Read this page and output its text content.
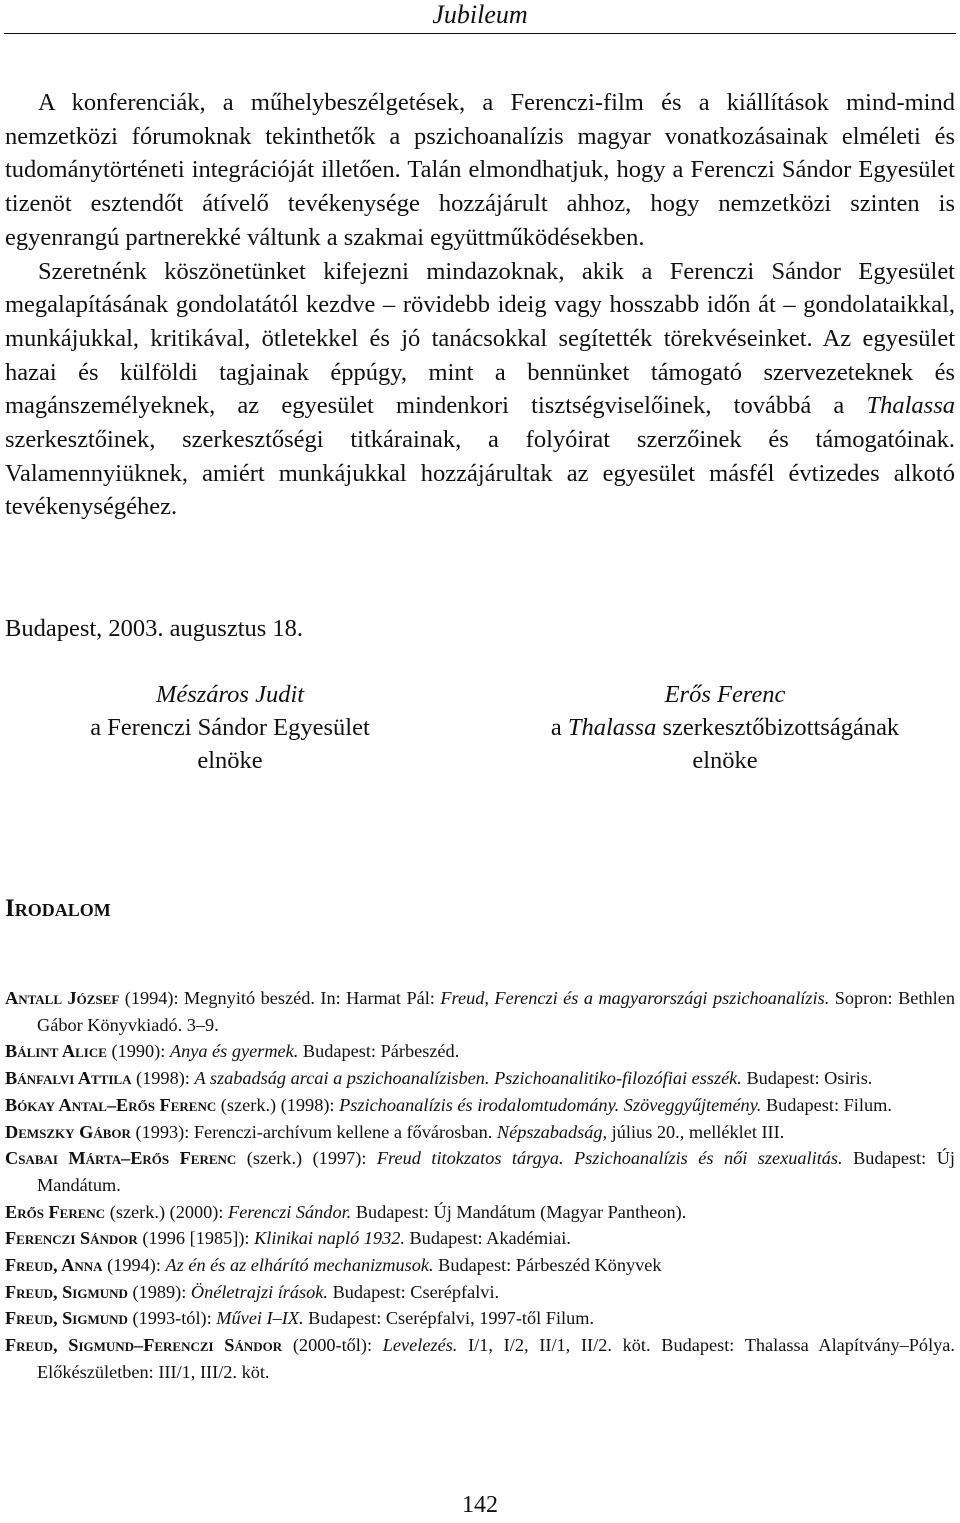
Jubileum

A konferenciák, a műhelybeszélgetések, a Ferenczi-film és a kiállítások mind-mind nemzetközi fórumoknak tekinthetők a pszichoanalízis magyar vonatkozásainak elméleti és tudománytörténeti integrációját illetően. Talán elmondhatjuk, hogy a Ferenczi Sándor Egyesület tizenöt esztendőt átívelő tevékenysége hozzájárult ahhoz, hogy nemzetközi szinten is egyenrangú partnerekké váltunk a szakmai együttműködésekben.

Szeretnénk köszönetünket kifejezni mindazoknak, akik a Ferenczi Sándor Egyesület megalapításának gondolatától kezdve – rövidebb ideig vagy hosszabb időn át – gondolataikkal, munkájukkal, kritikával, ötletekkel és jó tanácsokkal segítették törekvéseinket. Az egyesület hazai és külföldi tagjainak éppúgy, mint a bennünket támogató szervezeteknek és magánszemélyeknek, az egyesület mindenkori tisztségviselőinek, továbbá a Thalassa szerkesztőinek, szerkesztőségi titkárainak, a folyóirat szerzőinek és támogatóinak. Valamennyiüknek, amiért munkájukkal hozzájárultak az egyesület másfél évtizedes alkotó tevékenységéhez.

Budapest, 2003. augusztus 18.
Mészáros Judit
a Ferenczi Sándor Egyesület
elnöke
Erős Ferenc
a Thalassa szerkesztőbizottságának
elnöke
Irodalom

Antall József (1994): Megnyitó beszéd. In: Harmat Pál: Freud, Ferenczi és a magyarországi pszichoanalízis. Sopron: Bethlen Gábor Könyvkiadó. 3–9.

Bálint Alice (1990): Anya és gyermek. Budapest: Párbeszéd.

Bánfalvi Attila (1998): A szabadság arcai a pszichoanalízisben. Pszichoanalitiko-filozófiai esszék. Budapest: Osiris.

Bókay Antal–Erős Ferenc (szerk.) (1998): Pszichoanalízis és irodalomtudomány. Szöveggyűjtemény. Budapest: Filum.

Demszky Gábor (1993): Ferenczi-archívum kellene a fővárosban. Népszabadság, július 20., melléklet III.

Csabai Márta–Erős Ferenc (szerk.) (1997): Freud titokzatos tárgya. Pszichoanalízis és női szexualitás. Budapest: Új Mandátum.

Erős Ferenc (szerk.) (2000): Ferenczi Sándor. Budapest: Új Mandátum (Magyar Pantheon).

Ferenczi Sándor (1996 [1985]): Klinikai napló 1932. Budapest: Akadémiai.

Freud, Anna (1994): Az én és az elhárító mechanizmusok. Budapest: Párbeszéd Könyvek

Freud, Sigmund (1989): Önéletrajzi írások. Budapest: Cserépfalvi.

Freud, Sigmund (1993-tól): Művei I–IX. Budapest: Cserépfalvi, 1997-től Filum.

Freud, Sigmund–Ferenczi Sándor (2000-től): Levelezés. I/1, I/2, II/1, II/2. köt. Budapest: Thalassa Alapítvány–Pólya. Előkészületben: III/1, III/2. köt.

142
